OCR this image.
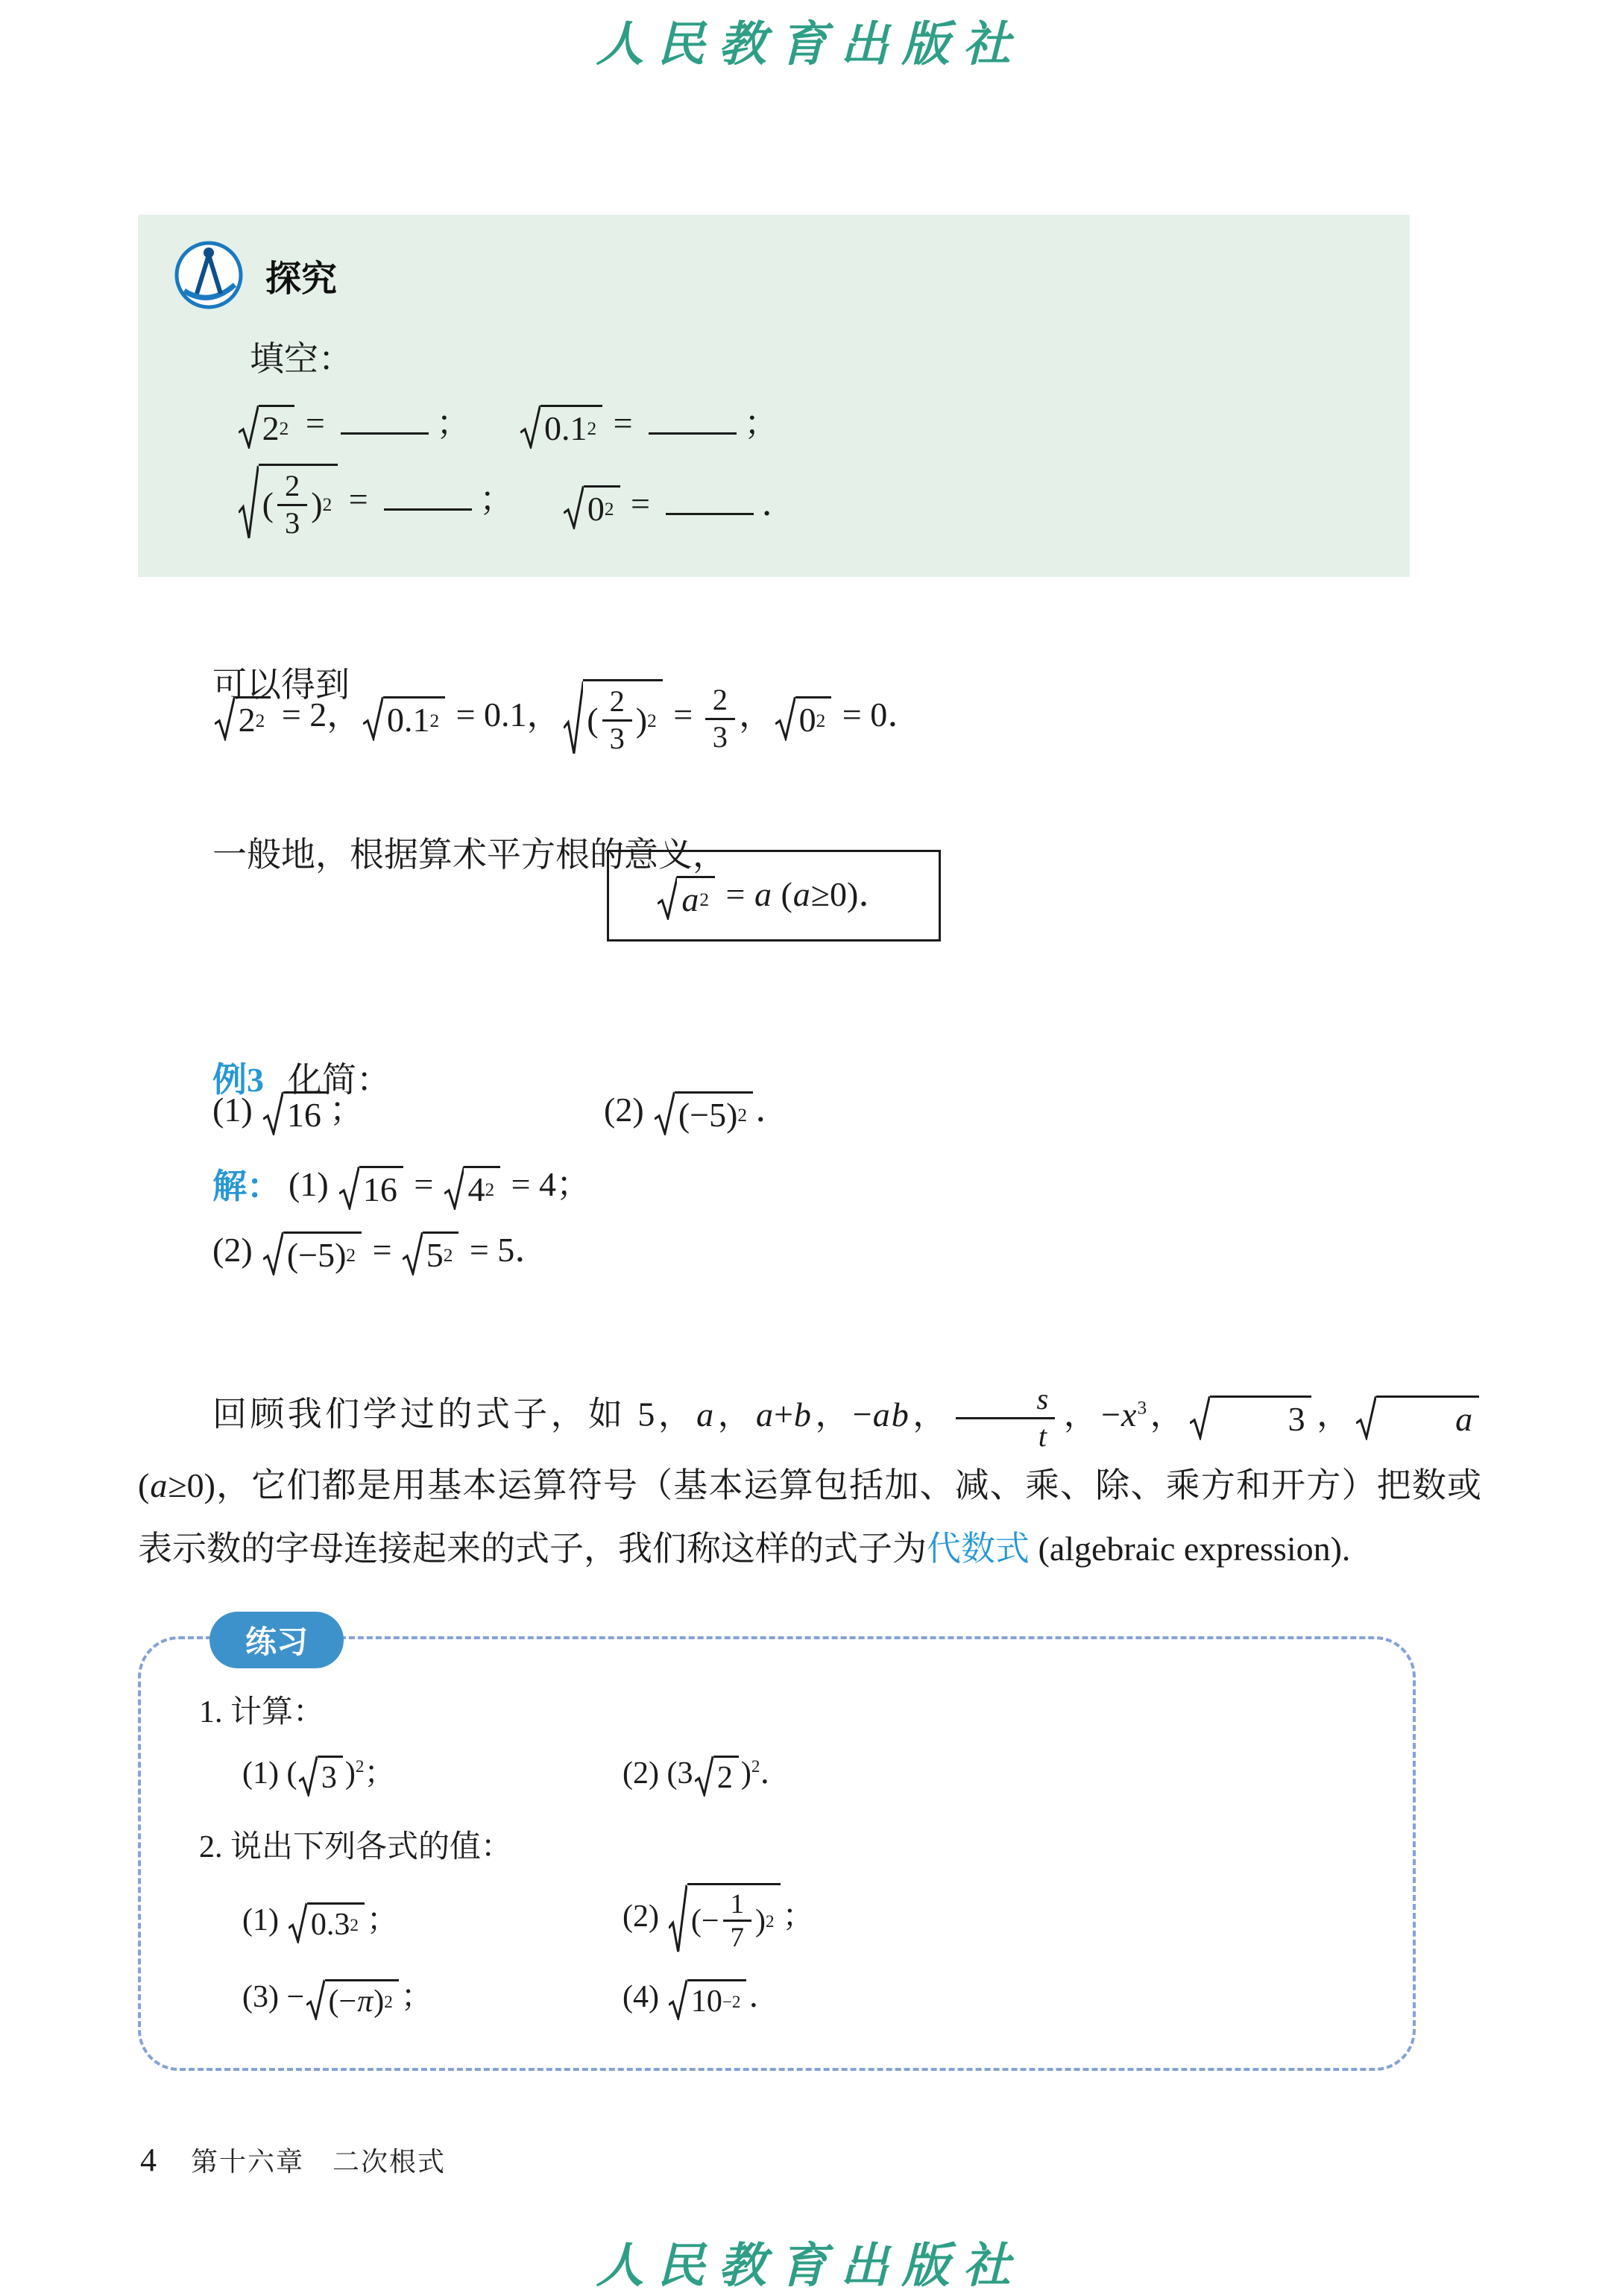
人民教育出版社
探究

填空：

2 2 =	； 0.1 2 =	；
( $\frac{2}{3}$ ) 2 =	； 0 2 =	．

可以得到

2 2 = 2， 0.1 2 = 0.1， ( $\frac{2}{3}$ ) $2 = \frac{2}{3}$ ， 0 2 = 0．

一般地，根据算术平方根的意义，

a 2 = a (a≥0)．

例3 化简：

(1) 16 ；	(2) (−5) 2 ．
解： (1) 16 = 4 2 = 4；
(2) (−5) 2 = 5 2 = 5．

回顾我们学过的式子，如 5，a，a+b，−ab， $\frac{s}{t}$ ，$-x^3$，	3 ，	a
(a≥0)，它们都是用基本运算符号（基本运算包括加、减、乘、除、乘方和开方）把数或表示数的字母连接起来的式子，我们称这样的式子为代数式 (algebraic expression).

练习

1. 计算：

(1) ( 3 )$^2$；	(2) (3 2 )$^2$．

2. 说出下列各式的值：

(1) 0.3 2 ；	(2) (− $\frac{1}{7}$ ) 2 ；
(3) − (− π ) 2 ；	(4) 10 −2 ．
4 第十六章　二次根式
人民教育出版社
